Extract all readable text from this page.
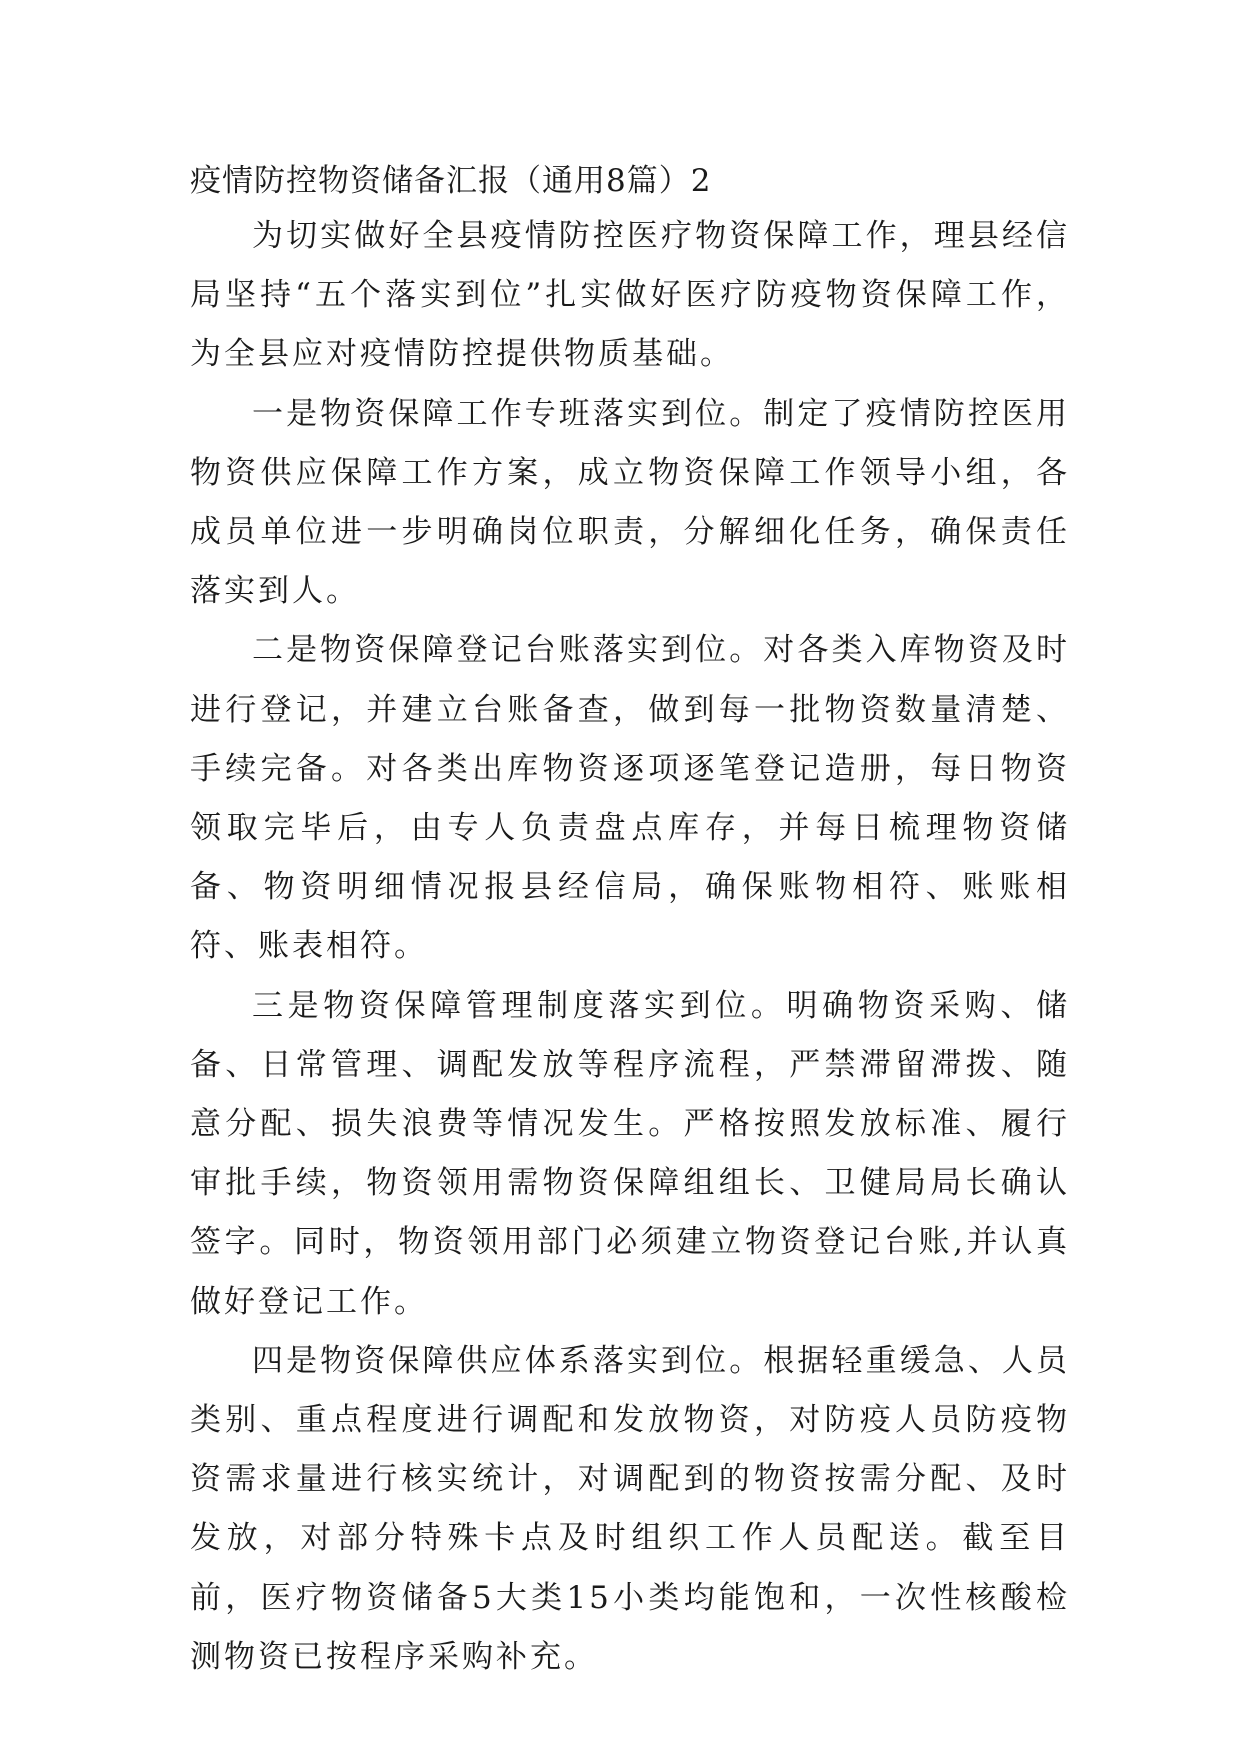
疫情防控物资储备汇报（通用8篇）2

为切实做好全县疫情防控医疗物资保障工作，理县经信局坚持“五个落实到位”扎实做好医疗防疫物资保障工作，为全县应对疫情防控提供物质基础。

一是物资保障工作专班落实到位。制定了疫情防控医用物资供应保障工作方案，成立物资保障工作领导小组，各成员单位进一步明确岗位职责，分解细化任务，确保责任落实到人。

二是物资保障登记台账落实到位。对各类入库物资及时进行登记，并建立台账备查，做到每一批物资数量清楚、手续完备。对各类出库物资逐项逐笔登记造册，每日物资领取完毕后，由专人负责盘点库存，并每日梳理物资储备、物资明细情况报县经信局，确保账物相符、账账相符、账表相符。

三是物资保障管理制度落实到位。明确物资采购、储备、日常管理、调配发放等程序流程，严禁滞留滞拨、随意分配、损失浪费等情况发生。严格按照发放标准、履行审批手续，物资领用需物资保障组组长、卫健局局长确认签字。同时，物资领用部门必须建立物资登记台账,并认真做好登记工作。

四是物资保障供应体系落实到位。根据轻重缓急、人员类别、重点程度进行调配和发放物资，对防疫人员防疫物资需求量进行核实统计，对调配到的物资按需分配、及时发放，对部分特殊卡点及时组织工作人员配送。截至目前，医疗物资储备5大类15小类均能饱和，一次性核酸检测物资已按程序采购补充。
